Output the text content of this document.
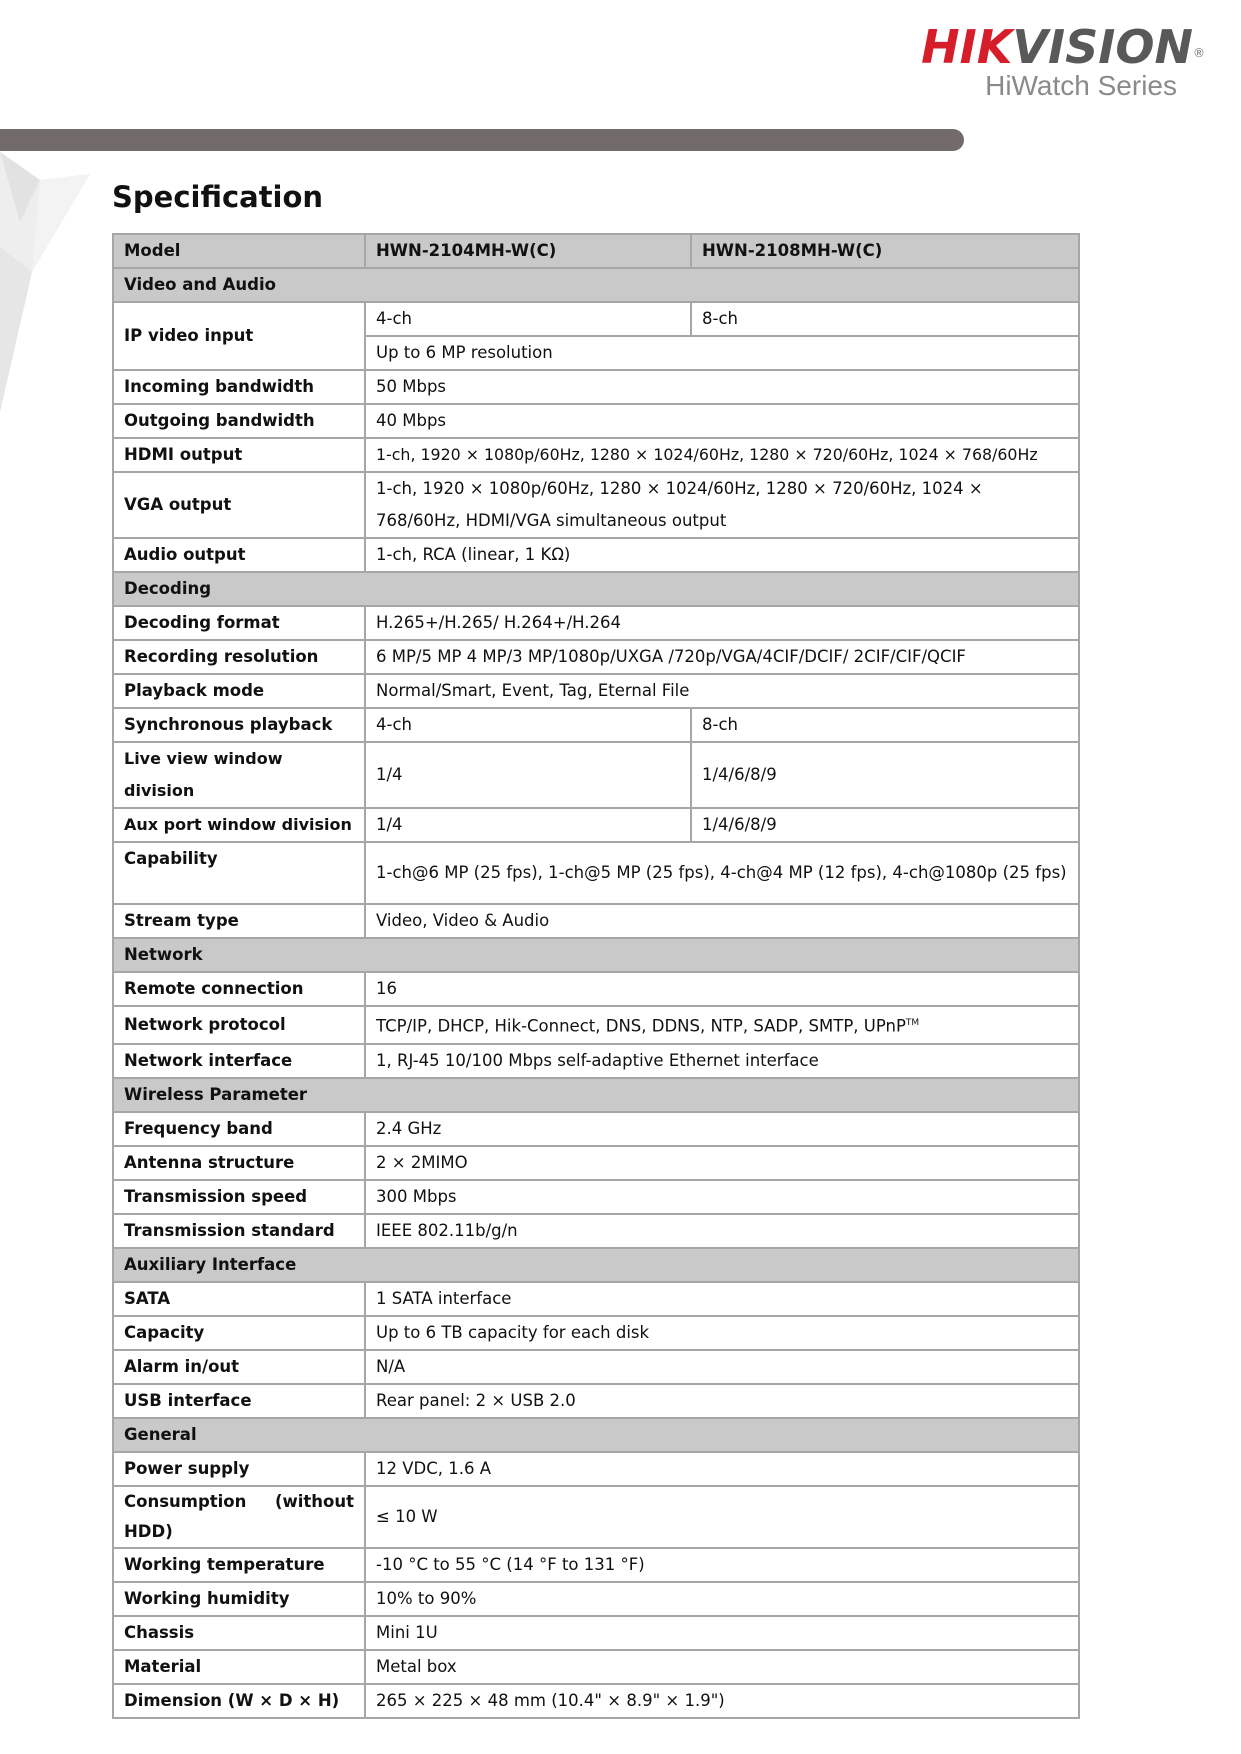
HIKVISION®
HiWatch Series
Specification
Model	HWN-2104MH-W(C)	HWN-2108MH-W(C)
Video and Audio		
IP video input	4-ch	8-ch
	Up to 6 MP resolution	
Incoming bandwidth	50 Mbps	
Outgoing bandwidth	40 Mbps	
HDMI output	1-ch, 1920 × 1080p/60Hz, 1280 × 1024/60Hz, 1280 × 720/60Hz, 1024 × 768/60Hz	
VGA output	1-ch, 1920 × 1080p/60Hz, 1280 × 1024/60Hz, 1280 × 720/60Hz, 1024 × 768/60Hz, HDMI/VGA simultaneous output	
Audio output	1-ch, RCA (linear, 1 KΩ)	
Decoding		
Decoding format	H.265+/H.265/ H.264+/H.264	
Recording resolution	6 MP/5 MP 4 MP/3 MP/1080p/UXGA /720p/VGA/4CIF/DCIF/ 2CIF/CIF/QCIF	
Playback mode	Normal/Smart, Event, Tag, Eternal File	
Synchronous playback	4-ch	8-ch
Live view window division	1/4	1/4/6/8/9
Aux port window division	1/4	1/4/6/8/9
Capability	1-ch@6 MP (25 fps), 1-ch@5 MP (25 fps), 4-ch@4 MP (12 fps), 4-ch@1080p (25 fps)	
Stream type	Video, Video & Audio	
Network		
Remote connection	16	
Network protocol	TCP/IP, DHCP, Hik-Connect, DNS, DDNS, NTP, SADP, SMTP, UPnP™
Network interface	1, RJ-45 10/100 Mbps self-adaptive Ethernet interface	
Wireless Parameter		
Frequency band	2.4 GHz	
Antenna structure	2 × 2MIMO	
Transmission speed	300 Mbps	
Transmission standard	IEEE 802.11b/g/n	
Auxiliary Interface		
SATA	1 SATA interface	
Capacity	Up to 6 TB capacity for each disk	
Alarm in/out	N/A	
USB interface	Rear panel: 2 × USB 2.0	
General		
Power supply	12 VDC, 1.6 A	

Consumption (without
HDD)	≤ 10 W	
Working temperature	-10 °C to 55 °C (14 °F to 131 °F)	
Working humidity	10% to 90%	
Chassis	Mini 1U	
Material	Metal box	
Dimension (W × D × H)	265 × 225 × 48 mm (10.4" × 8.9" × 1.9")	
